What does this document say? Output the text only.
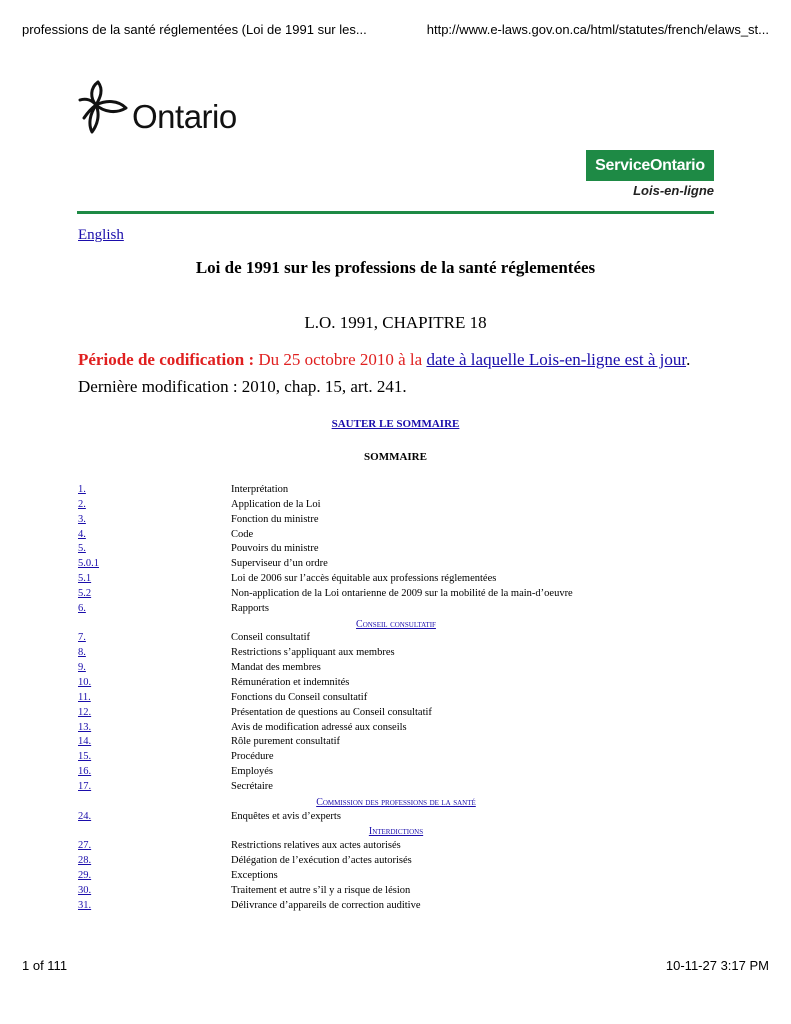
professions de la santé réglementées (Loi de 1991 sur les...	http://www.e-laws.gov.on.ca/html/statutes/french/elaws_st...
Ontario
ServiceOntario
Lois-en-ligne
English
Loi de 1991 sur les professions de la santé réglementées
L.O. 1991, CHAPITRE 18
Période de codification : Du 25 octobre 2010 à la date à laquelle Lois-en-ligne est à jour.
Dernière modification : 2010, chap. 15, art. 241.
SAUTER LE SOMMAIRE
SOMMAIRE
1.	Interprétation
2.	Application de la Loi
3.	Fonction du ministre
4.	Code
5.	Pouvoirs du ministre
5.0.1	Superviseur d’un ordre
5.1	Loi de 2006 sur l’accès équitable aux professions réglementées
5.2	Non-application de la Loi ontarienne de 2009 sur la mobilité de la main-d’oeuvre
6.	Rapports
Conseil consultatif
7.	Conseil consultatif
8.	Restrictions s’appliquant aux membres
9.	Mandat des membres
10.	Rémunération et indemnités
11.	Fonctions du Conseil consultatif
12.	Présentation de questions au Conseil consultatif
13.	Avis de modification adressé aux conseils
14.	Rôle purement consultatif
15.	Procédure
16.	Employés
17.	Secrétaire
Commission des professions de la santé
24.	Enquêtes et avis d’experts
Interdictions
27.	Restrictions relatives aux actes autorisés
28.	Délégation de l’exécution d’actes autorisés
29.	Exceptions
30.	Traitement et autre s’il y a risque de lésion
31.	Délivrance d’appareils de correction auditive
1 of 111	10-11-27 3:17 PM
